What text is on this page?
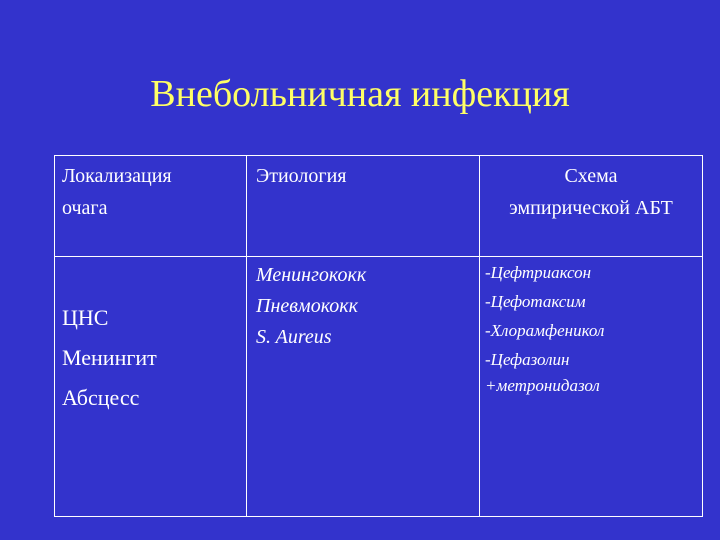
Внебольничная инфекция
Локализация
очага
Этиология	Схема
эмпирической АБТ
ЦНС
Менингит
Абсцесс
Менингококк
Пневмококк
S. Aureus
-Цефтриаксон
-Цефотаксим
-Хлорамфеникол
-Цефазолин
+метронидазол
